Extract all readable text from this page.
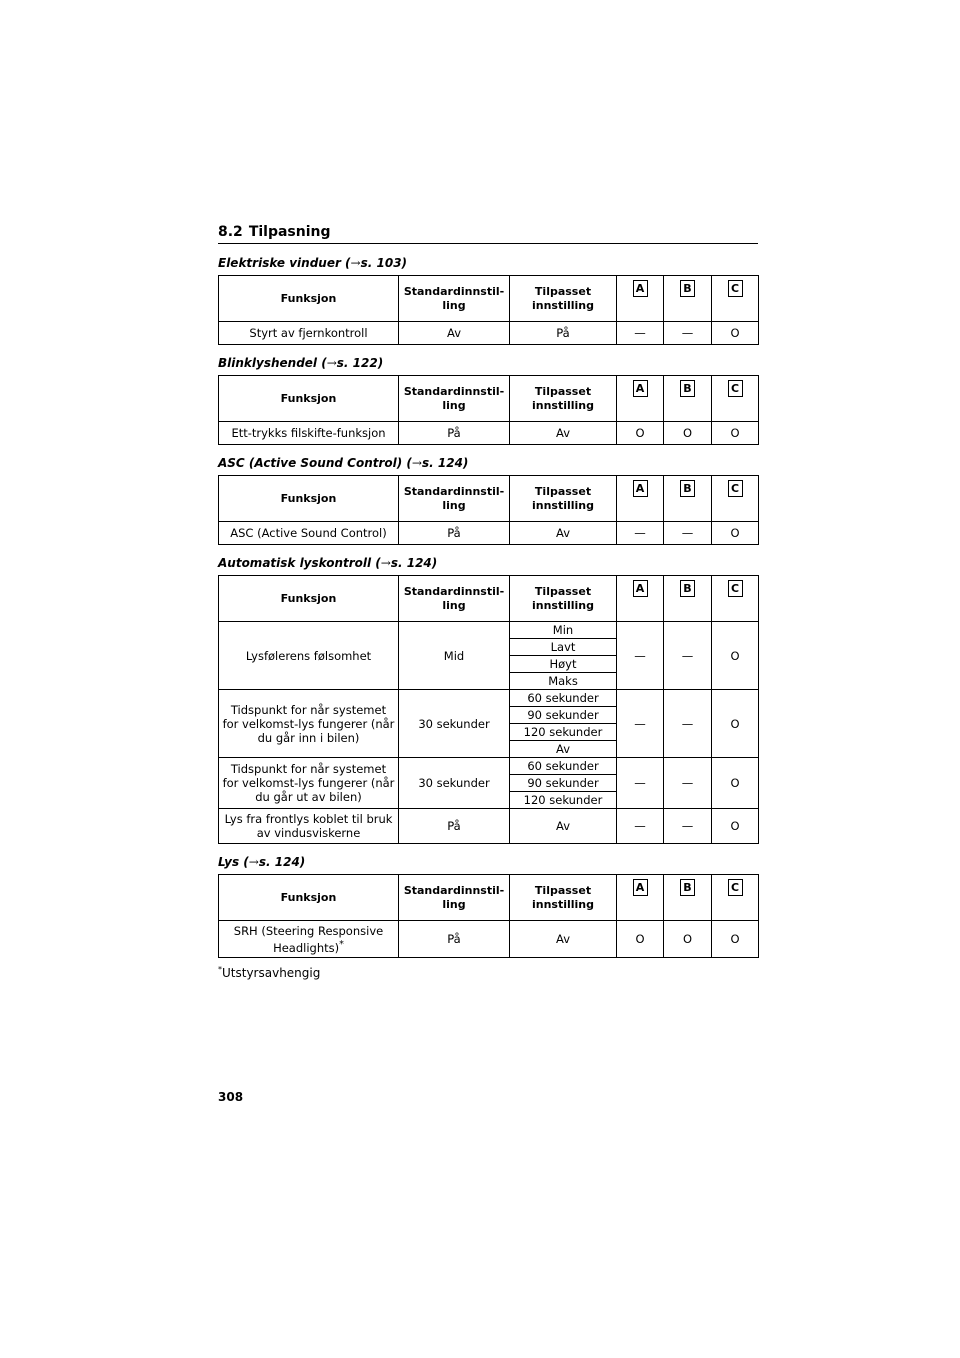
8.2 Tilpasning
Elektriske vinduer (→s. 103)
Funksjon	Standardinnstil-ling	Tilpasset innstilling	A	B	C
Styrt av fjernkontroll	Av	På	—	—	O
Blinklyshendel (→s. 122)
Funksjon	Standardinnstil-ling	Tilpasset innstilling	A	B	C
Ett-trykks filskifte-funksjon	På	Av	O	O	O
ASC (Active Sound Control) (→s. 124)
Funksjon	Standardinnstil-ling	Tilpasset innstilling	A	B	C
ASC (Active Sound Control)	På	Av	—	—	O
Automatisk lyskontroll (→s. 124)
Funksjon	Standardinnstil-ling	Tilpasset innstilling	A	B	C
Lysfølerens følsomhet	Mid	Min	—	—	O
		Lavt			
		Høyt			
		Maks			
Tidspunkt for når systemet for velkomst-lys fungerer (når du går inn i bilen)	30 sekunder	60 sekunder	—	—	O
		90 sekunder			
		120 sekunder			
		Av			
Tidspunkt for når systemet for velkomst-lys fungerer (når du går ut av bilen)	30 sekunder	60 sekunder	—	—	O
		90 sekunder			
		120 sekunder			
Lys fra frontlys koblet til bruk av vindusviskerne	På	Av	—	—	O
Lys (→s. 124)
Funksjon	Standardinnstil-ling	Tilpasset innstilling	A	B	C
SRH (Steering Responsive Headlights)*	På	Av	O	O	O
*Utstyrsavhengig
308
